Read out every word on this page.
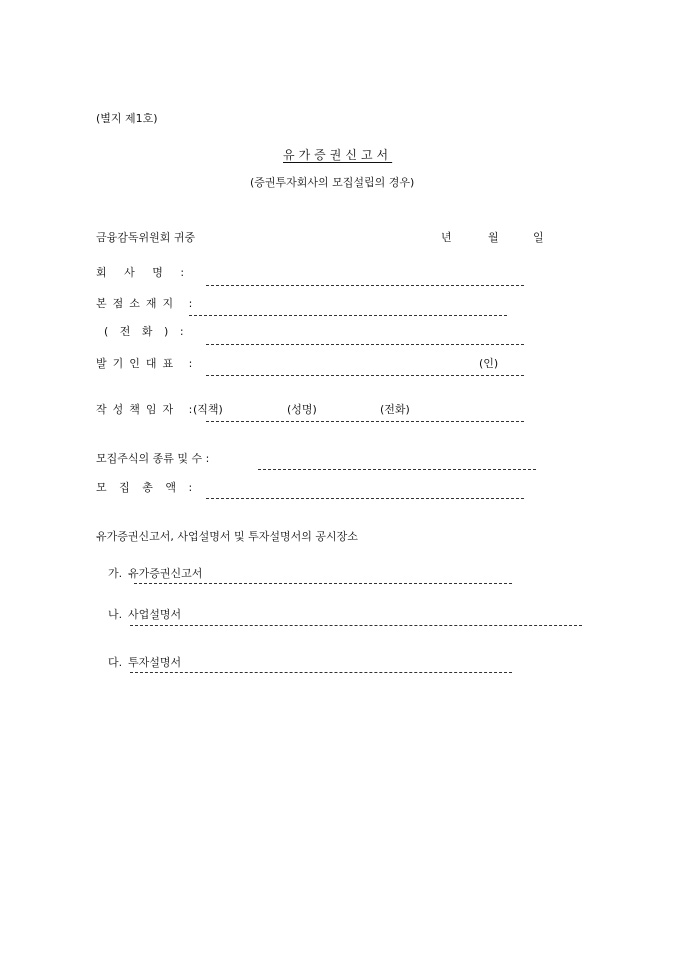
(별지 제1호)
유가증권신고서
(증권투자회사의 모집설립의 경우)
금융감독위원회 귀중	년	월	일
회 사 명 :
본점소재지 :
( 전 화 ) :
발기인대표 :	(인)
작성책임자 :
(직책)	(성명)	(전화)
모집주식의 종류 및 수 :
모 집 총 액 :
유가증권신고서, 사업설명서 및 투자설명서의 공시장소
가. 유가증권신고서
나. 사업설명서
다. 투자설명서
